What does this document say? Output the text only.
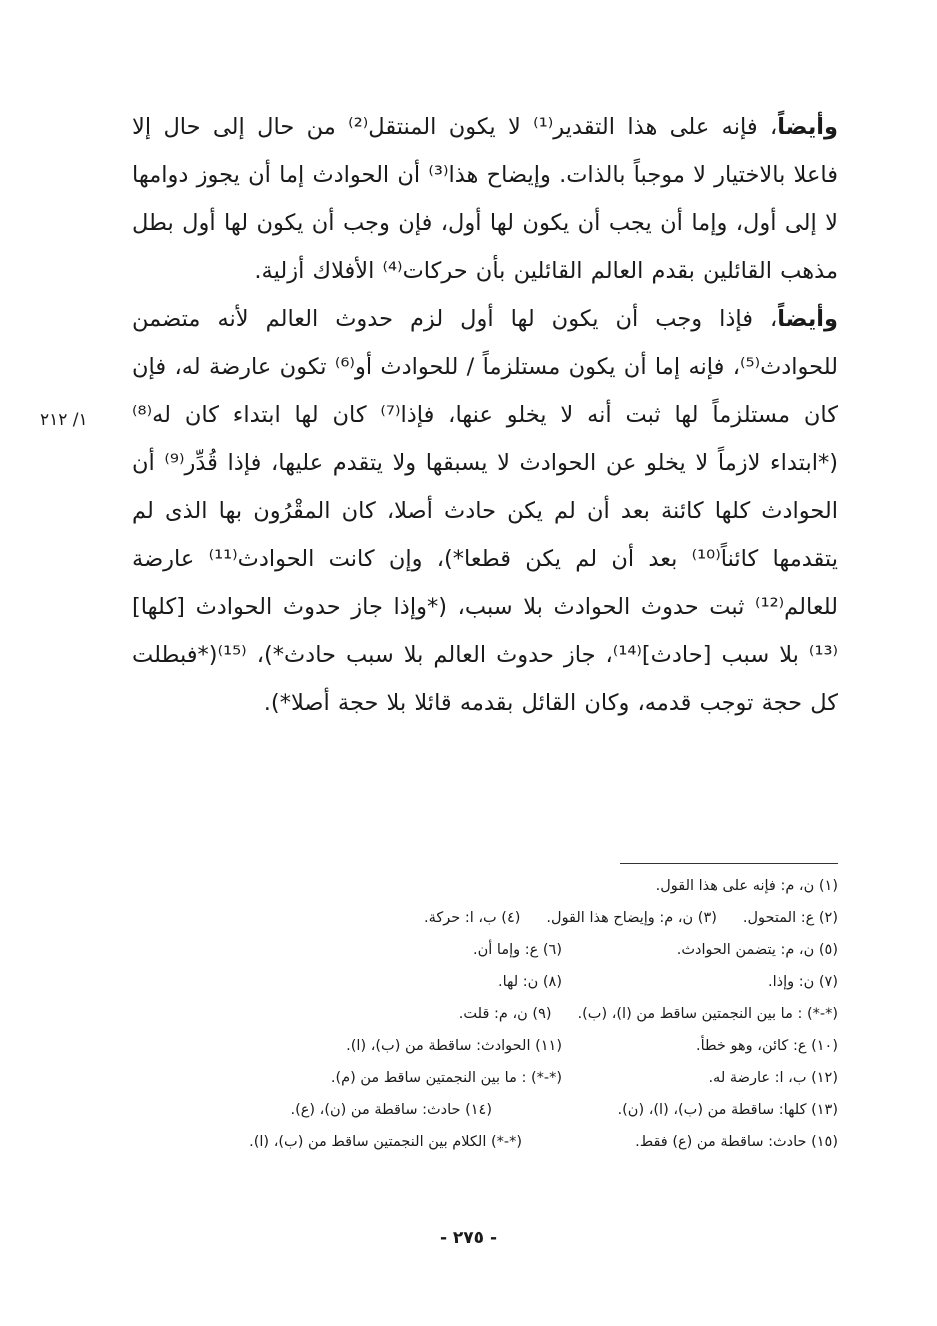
وأيضاً، فإنه على هذا التقدير⁽¹⁾ لا يكون المنتقل⁽²⁾ من حال إلى حال إلا فاعلا بالاختيار لا موجباً بالذات. وإيضاح هذا⁽³⁾ أن الحوادث إما أن يجوز دوامها لا إلى أول، وإما أن يجب أن يكون لها أول، فإن وجب أن يكون لها أول بطل مذهب القائلين بقدم العالم القائلين بأن حركات⁽⁴⁾ الأفلاك أزلية.

وأيضاً، فإذا وجب أن يكون لها أول لزم حدوث العالم لأنه متضمن للحوادث⁽⁵⁾، فإنه إما أن يكون مستلزماً / للحوادث أو⁽⁶⁾ تكون عارضة له، فإن كان مستلزماً لها ثبت أنه لا يخلو عنها، فإذا⁽⁷⁾ كان لها ابتداء كان له⁽⁸⁾ (*ابتداء لازماً لا يخلو عن الحوادث لا يسبقها ولا يتقدم عليها، فإذا قُدِّر⁽⁹⁾ أن الحوادث كلها كائنة بعد أن لم يكن حادث أصلا، كان المقْرُون بها الذى لم يتقدمها كائناً⁽¹⁰⁾ بعد أن لم يكن قطعا*)، وإن كانت الحوادث⁽¹¹⁾ عارضة للعالم⁽¹²⁾ ثبت حدوث الحوادث بلا سبب، (*وإذا جاز حدوث الحوادث [كلها]⁽¹³⁾ بلا سبب [حادث]⁽¹⁴⁾، جاز حدوث العالم بلا سبب حادث*)، ⁽¹⁵⁾(*فبطلت كل حجة توجب قدمه، وكان القائل بقدمه قائلا بلا حجة أصلا*).

١/ ٢١٢
(١) ن، م: فإنه على هذا القول.
(٢) ع: المتحول.
(٣) ن، م: وإيضاح هذا القول.
(٤) ب، ا: حركة.
(٥) ن، م: يتضمن الحوادث.
(٦) ع: وإما أن.
(٧) ن: وإذا.
(٨) ن: لها.
(*-*) : ما بين النجمتين ساقط من (ا)، (ب).
(٩) ن، م: قلت.
(١٠) ع: كائن، وهو خطأ.
(١١) الحوادث: ساقطة من (ب)، (ا).
(١٢) ب، ا: عارضة له.
(*-*) : ما بين النجمتين ساقط من (م).
(١٣) كلها: ساقطة من (ب)، (ا)، (ن).
(١٤) حادث: ساقطة من (ن)، (ع).
(١٥) حادث: ساقطة من (ع) فقط.
(*-*) الكلام بين النجمتين ساقط من (ب)، (ا).
- ٢٧٥ -
